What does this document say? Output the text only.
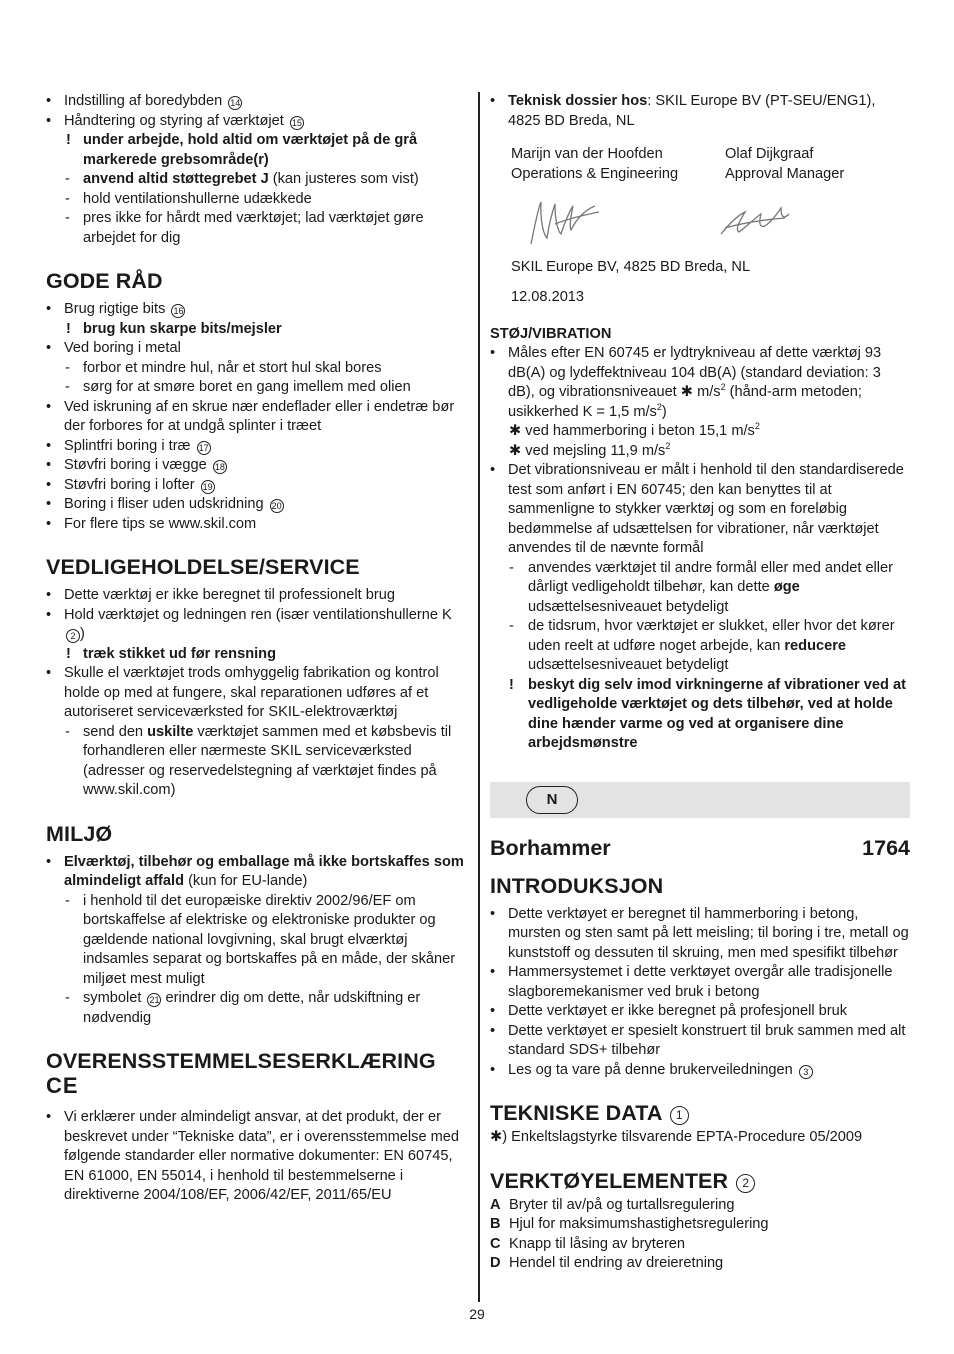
• Indstilling af boredybden 14
• Håndtering og styring af værktøjet 15
! under arbejde, hold altid om værktøjet på de grå markerede grebsområde(r)
- anvend altid støttegrebet J (kan justeres som vist)
- hold ventilationshullerne udækkede
- pres ikke for hårdt med værktøjet; lad værktøjet gøre arbejdet for dig
GODE RÅD
• Brug rigtige bits 16
! brug kun skarpe bits/mejsler
• Ved boring i metal
- forbor et mindre hul, når et stort hul skal bores
- sørg for at smøre boret en gang imellem med olien
• Ved iskruning af en skrue nær endeflader eller i endetræ bør der forbores for at undgå splinter i træet
• Splintfri boring i træ 17
• Støvfri boring i vægge 18
• Støvfri boring i lofter 19
• Boring i fliser uden udskridning 20
• For flere tips se www.skil.com
VEDLIGEHOLDELSE/SERVICE
• Dette værktøj er ikke beregnet til professionelt brug
• Hold værktøjet og ledningen ren (især ventilationshullerne K 2 )
! træk stikket ud før rensning
• Skulle el værktøjet trods omhyggelig fabrikation og kontrol holde op med at fungere, skal reparationen udføres af et autoriseret serviceværksted for SKIL-elektroværktøj
- send den uskilte værktøjet sammen med et købsbevis til forhandleren eller nærmeste SKIL serviceværksted (adresser og reservedelstegning af værktøjet findes på www.skil.com)
MILJØ
• Elværktøj, tilbehør og emballage må ikke bortskaffes som almindeligt affald (kun for EU-lande)
- i henhold til det europæiske direktiv 2002/96/EF om bortskaffelse af elektriske og elektroniske produkter og gældende national lovgivning, skal brugt elværktøj indsamles separat og bortskaffes på en måde, der skåner miljøet mest muligt
- symbolet 21 erindrer dig om dette, når udskiftning er nødvendig
OVERENSSTEMMELSESERKLÆRING
CE
• Vi erklærer under almindeligt ansvar, at det produkt, der er beskrevet under “Tekniske data”, er i overensstemmelse med følgende standarder eller normative dokumenter: EN 60745, EN 61000, EN 55014, i henhold til bestemmelserne i direktiverne 2004/108/EF, 2006/42/EF, 2011/65/EU
• Teknisk dossier hos: SKIL Europe BV (PT-SEU/ENG1), 4825 BD Breda, NL
Marijn van der Hoofden
Operations & Engineering
Olaf Dijkgraaf
Approval Manager
SKIL Europe BV, 4825 BD Breda, NL
12.08.2013
STØJ/VIBRATION
• Måles efter EN 60745 er lydtrykniveau af dette værktøj 93 dB(A) og lydeffektniveau 104 dB(A) (standard deviation: 3 dB), og vibrationsniveauet ✱ $m/s^2$ (hånd-arm metoden; usikkerhed K = 1,5 $m/s^2$)
✱ ved hammerboring i beton 15,1 $m/s^2$
✱ ved mejsling 11,9 $m/s^2$
• Det vibrationsniveau er målt i henhold til den standardiserede test som anført i EN 60745; den kan benyttes til at sammenligne to stykker værktøj og som en foreløbig bedømmelse af udsættelsen for vibrationer, når værktøjet anvendes til de nævnte formål
- anvendes værktøjet til andre formål eller med andet eller dårligt vedligeholdt tilbehør, kan dette øge udsættelsesniveauet betydeligt
- de tidsrum, hvor værktøjet er slukket, eller hvor det kører uden reelt at udføre noget arbejde, kan reducere udsættelsesniveauet betydeligt
! beskyt dig selv imod virkningerne af vibrationer ved at vedligeholde værktøjet og dets tilbehør, ved at holde dine hænder varme og ved at organisere dine arbejdsmønstre
N
Borhammer	1764
INTRODUKSJON
• Dette verktøyet er beregnet til hammerboring i betong, mursten og sten samt på lett meisling; til boring i tre, metall og kunststoff og dessuten til skruing, men med spesifikt tilbehør
• Hammersystemet i dette verktøyet overgår alle tradisjonelle slagboremekanismer ved bruk i betong
• Dette verktøyet er ikke beregnet på profesjonell bruk
• Dette verktøyet er spesielt konstruert til bruk sammen med alt standard SDS+ tilbehør
• Les og ta vare på denne brukerveiledningen 3
TEKNISKE DATA 1
✱) Enkeltslagstyrke tilsvarende EPTA-Procedure 05/2009
VERKTØYELEMENTER 2
A Bryter til av/på og turtallsregulering
B Hjul for maksimumshastighetsregulering
C Knapp til låsing av bryteren
D Hendel til endring av dreieretning
29
